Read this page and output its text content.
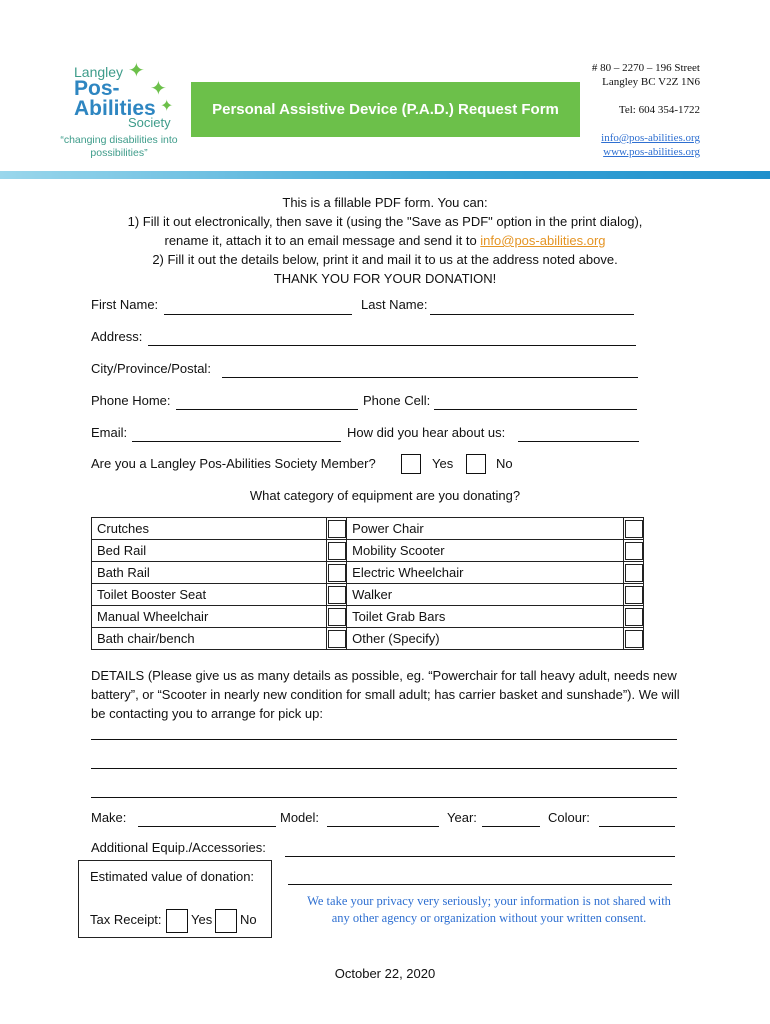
Langley
Pos-
Abilities
Society
✦
✦
✦
“changing disabilities into possibilities”
Personal Assistive Device (P.A.D.) Request Form
# 80 – 2270 – 196 Street
Langley BC V2Z 1N6
Tel: 604 354-1722
info@pos-abilities.org
www.pos-abilities.org
This is a fillable PDF form. You can:
1) Fill it out electronically, then save it (using the "Save as PDF" option in the print dialog),
rename it, attach it to an email message and send it to info@pos-abilities.org
2) Fill it out the details below, print it and mail it to us at the address noted above.
THANK YOU FOR YOUR DONATION!
First Name:	Last Name:
Address:
City/Province/Postal:
Phone Home:	Phone Cell:
Email:	How did you hear about us:
Are you a Langley Pos-Abilities Society Member?	Yes	No
What category of equipment are you donating?
Crutches		Power Chair	

Bed Rail		Mobility Scooter	

Bath Rail		Electric Wheelchair	

Toilet Booster Seat		Walker	

Manual Wheelchair		Toilet Grab Bars	

Bath chair/bench		Other (Specify)	
DETAILS (Please give us as many details as possible, eg. “Powerchair for tall heavy adult, needs new battery”, or “Scooter in nearly new condition for small adult; has carrier basket and sunshade”). We will be contacting you to arrange for pick up:
Make:	Model:	Year:	Colour:
Additional Equip./Accessories:
Estimated value of donation:
Tax Receipt: Yes No
We take your privacy very seriously; your information is not shared with any other agency or organization without your written consent.
October 22, 2020
